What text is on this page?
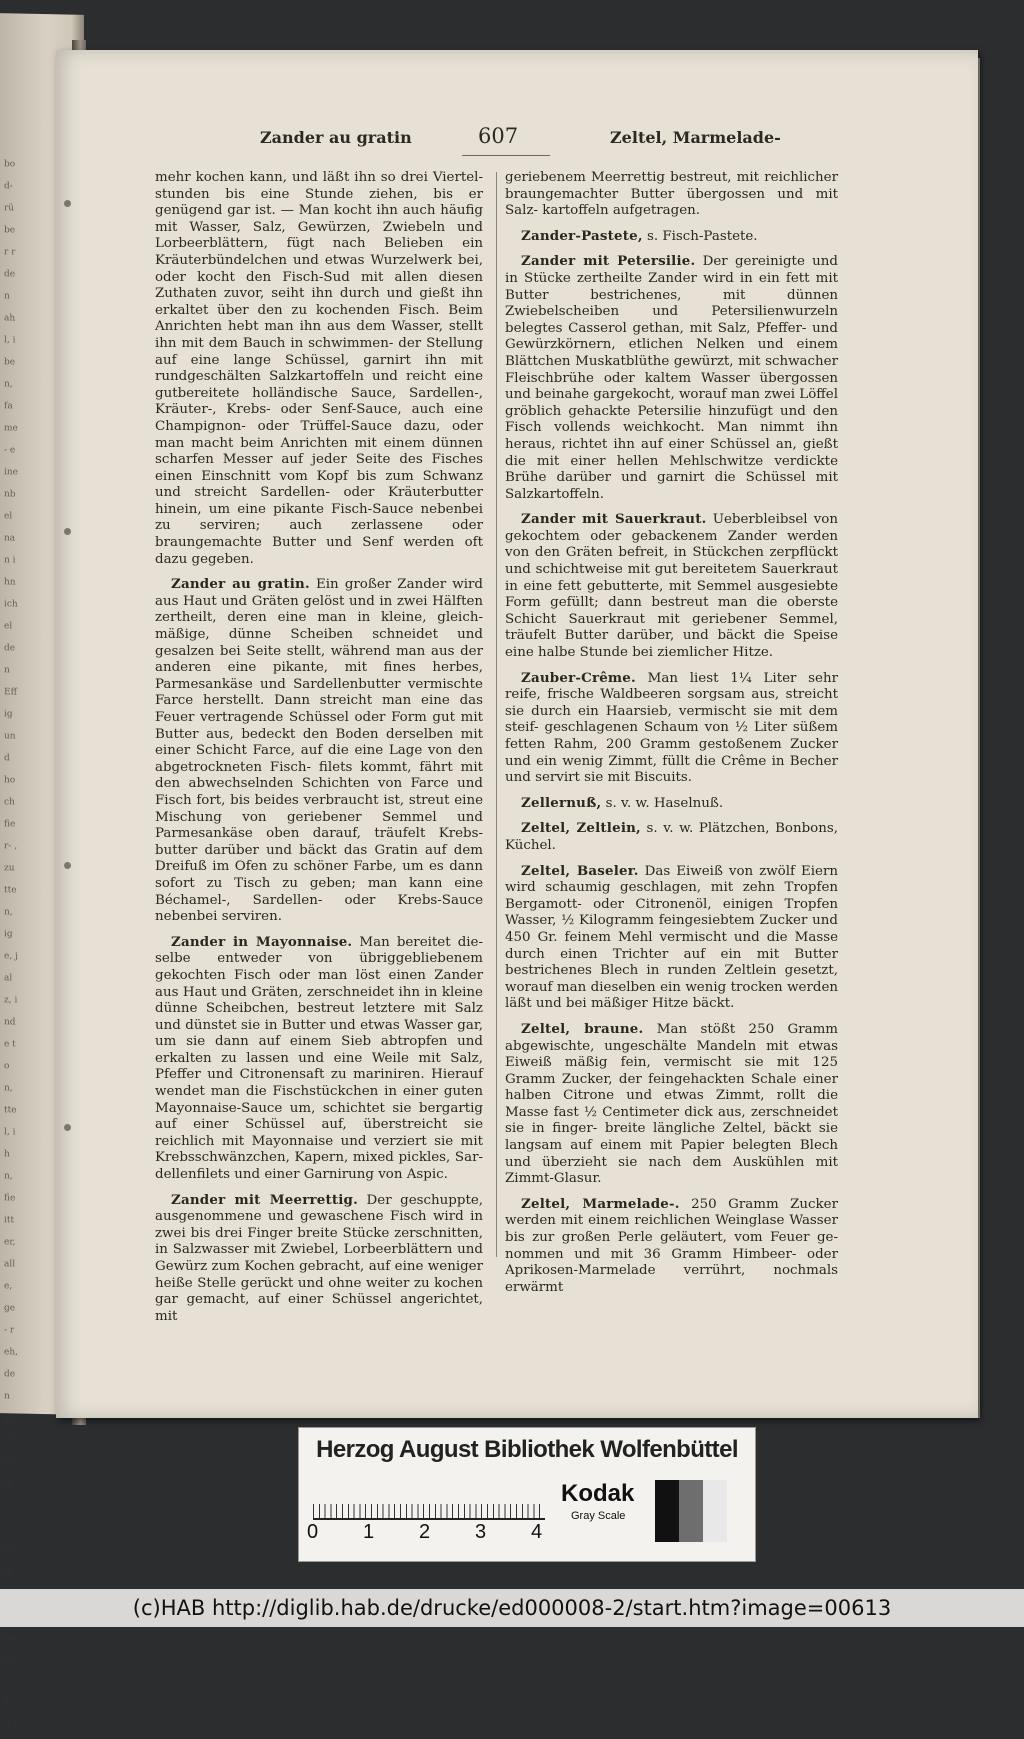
bod- rüber rden ahl, iben, fame- eine nbel nan ihn ichel den Effig und hoch fier- , zu tten, ige, jalz, inde ton, ttel, ihn, fie itter, alle, ge- reh, den auf fie r ten. ei 2 ein ert en, il- E u r
Zander au gratin	607	Zeltel, Marmelade-

mehr kochen kann, und läßt ihn so drei Viertel- stunden bis eine Stunde ziehen, bis er genügend gar ist. — Man kocht ihn auch häufig mit Wasser, Salz, Gewürzen, Zwiebeln und Lorbeerblättern, fügt nach Belieben ein Kräuterbündelchen und etwas Wurzelwerk bei, oder kocht den Fisch-Sud mit allen diesen Zuthaten zuvor, seiht ihn durch und gießt ihn erkaltet über den zu kochenden Fisch. Beim Anrichten hebt man ihn aus dem Wasser, stellt ihn mit dem Bauch in schwimmen- der Stellung auf eine lange Schüssel, garnirt ihn mit rundgeschälten Salzkartoffeln und reicht eine gutbereitete holländische Sauce, Sardellen-, Kräuter-, Krebs- oder Senf-Sauce, auch eine Champignon- oder Trüffel-Sauce dazu, oder man macht beim Anrichten mit einem dünnen scharfen Messer auf jeder Seite des Fisches einen Einschnitt vom Kopf bis zum Schwanz und streicht Sardellen- oder Kräuterbutter hinein, um eine pikante Fisch-Sauce nebenbei zu serviren; auch zerlassene oder braungemachte Butter und Senf werden oft dazu gegeben.

Zander au gratin. Ein großer Zander wird aus Haut und Gräten gelöst und in zwei Hälften zertheilt, deren eine man in kleine, gleich- mäßige, dünne Scheiben schneidet und gesalzen bei Seite stellt, während man aus der anderen eine pikante, mit fines herbes, Parmesankäse und Sardellenbutter vermischte Farce herstellt. Dann streicht man eine das Feuer vertragende Schüssel oder Form gut mit Butter aus, bedeckt den Boden derselben mit einer Schicht Farce, auf die eine Lage von den abgetrockneten Fisch- filets kommt, fährt mit den abwechselnden Schichten von Farce und Fisch fort, bis beides verbraucht ist, streut eine Mischung von geriebener Semmel und Parmesankäse oben darauf, träufelt Krebs- butter darüber und bäckt das Gratin auf dem Dreifuß im Ofen zu schöner Farbe, um es dann sofort zu Tisch zu geben; man kann eine Béchamel-, Sardellen- oder Krebs-Sauce nebenbei serviren.

Zander in Mayonnaise. Man bereitet die- selbe entweder von übriggebliebenem gekochten Fisch oder man löst einen Zander aus Haut und Gräten, zerschneidet ihn in kleine dünne Scheibchen, bestreut letztere mit Salz und dünstet sie in Butter und etwas Wasser gar, um sie dann auf einem Sieb abtropfen und erkalten zu lassen und eine Weile mit Salz, Pfeffer und Citronensaft zu mariniren. Hierauf wendet man die Fischstückchen in einer guten Mayonnaise-Sauce um, schichtet sie bergartig auf einer Schüssel auf, überstreicht sie reichlich mit Mayonnaise und verziert sie mit Krebsschwänzchen, Kapern, mixed pickles, Sar- dellenfilets und einer Garnirung von Aspic.

Zander mit Meerrettig. Der geschuppte, ausgenommene und gewaschene Fisch wird in zwei bis drei Finger breite Stücke zerschnitten, in Salzwasser mit Zwiebel, Lorbeerblättern und Gewürz zum Kochen gebracht, auf eine weniger heiße Stelle gerückt und ohne weiter zu kochen gar gemacht, auf einer Schüssel angerichtet, mit

geriebenem Meerrettig bestreut, mit reichlicher braungemachter Butter übergossen und mit Salz- kartoffeln aufgetragen.

Zander-Pastete, s. Fisch-Pastete.

Zander mit Petersilie. Der gereinigte und in Stücke zertheilte Zander wird in ein fett mit Butter bestrichenes, mit dünnen Zwiebelscheiben und Petersilienwurzeln belegtes Casserol gethan, mit Salz, Pfeffer- und Gewürzkörnern, etlichen Nelken und einem Blättchen Muskatblüthe gewürzt, mit schwacher Fleischbrühe oder kaltem Wasser übergossen und beinahe gargekocht, worauf man zwei Löffel gröblich gehackte Petersilie hinzufügt und den Fisch vollends weichkocht. Man nimmt ihn heraus, richtet ihn auf einer Schüssel an, gießt die mit einer hellen Mehlschwitze verdickte Brühe darüber und garnirt die Schüssel mit Salzkartoffeln.

Zander mit Sauerkraut. Ueberbleibsel von gekochtem oder gebackenem Zander werden von den Gräten befreit, in Stückchen zerpflückt und schichtweise mit gut bereitetem Sauerkraut in eine fett gebutterte, mit Semmel ausgesiebte Form gefüllt; dann bestreut man die oberste Schicht Sauerkraut mit geriebener Semmel, träufelt Butter darüber, und bäckt die Speise eine halbe Stunde bei ziemlicher Hitze.

Zauber-Crême. Man liest 1¼ Liter sehr reife, frische Waldbeeren sorgsam aus, streicht sie durch ein Haarsieb, vermischt sie mit dem steif- geschlagenen Schaum von ½ Liter süßem fetten Rahm, 200 Gramm gestoßenem Zucker und ein wenig Zimmt, füllt die Crême in Becher und servirt sie mit Biscuits.

Zellernuß, s. v. w. Haselnuß.

Zeltel, Zeltlein, s. v. w. Plätzchen, Bonbons, Küchel.

Zeltel, Baseler. Das Eiweiß von zwölf Eiern wird schaumig geschlagen, mit zehn Tropfen Bergamott- oder Citronenöl, einigen Tropfen Wasser, ½ Kilogramm feingesiebtem Zucker und 450 Gr. feinem Mehl vermischt und die Masse durch einen Trichter auf ein mit Butter bestrichenes Blech in runden Zeltlein gesetzt, worauf man dieselben ein wenig trocken werden läßt und bei mäßiger Hitze bäckt.

Zeltel, braune. Man stößt 250 Gramm abgewischte, ungeschälte Mandeln mit etwas Eiweiß mäßig fein, vermischt sie mit 125 Gramm Zucker, der feingehackten Schale einer halben Citrone und etwas Zimmt, rollt die Masse fast ½ Centimeter dick aus, zerschneidet sie in finger- breite längliche Zeltel, bäckt sie langsam auf einem mit Papier belegten Blech und überzieht sie nach dem Auskühlen mit Zimmt-Glasur.

Zeltel, Marmelade-. 250 Gramm Zucker werden mit einem reichlichen Weinglase Wasser bis zur großen Perle geläutert, vom Feuer ge- nommen und mit 36 Gramm Himbeer- oder Aprikosen-Marmelade verrührt, nochmals erwärmt

Herzog August Bibliothek Wolfenbüttel
0 1 2 3 4
Kodak
Gray Scale
(c)HAB http://diglib.hab.de/drucke/ed000008-2/start.htm?image=00613
